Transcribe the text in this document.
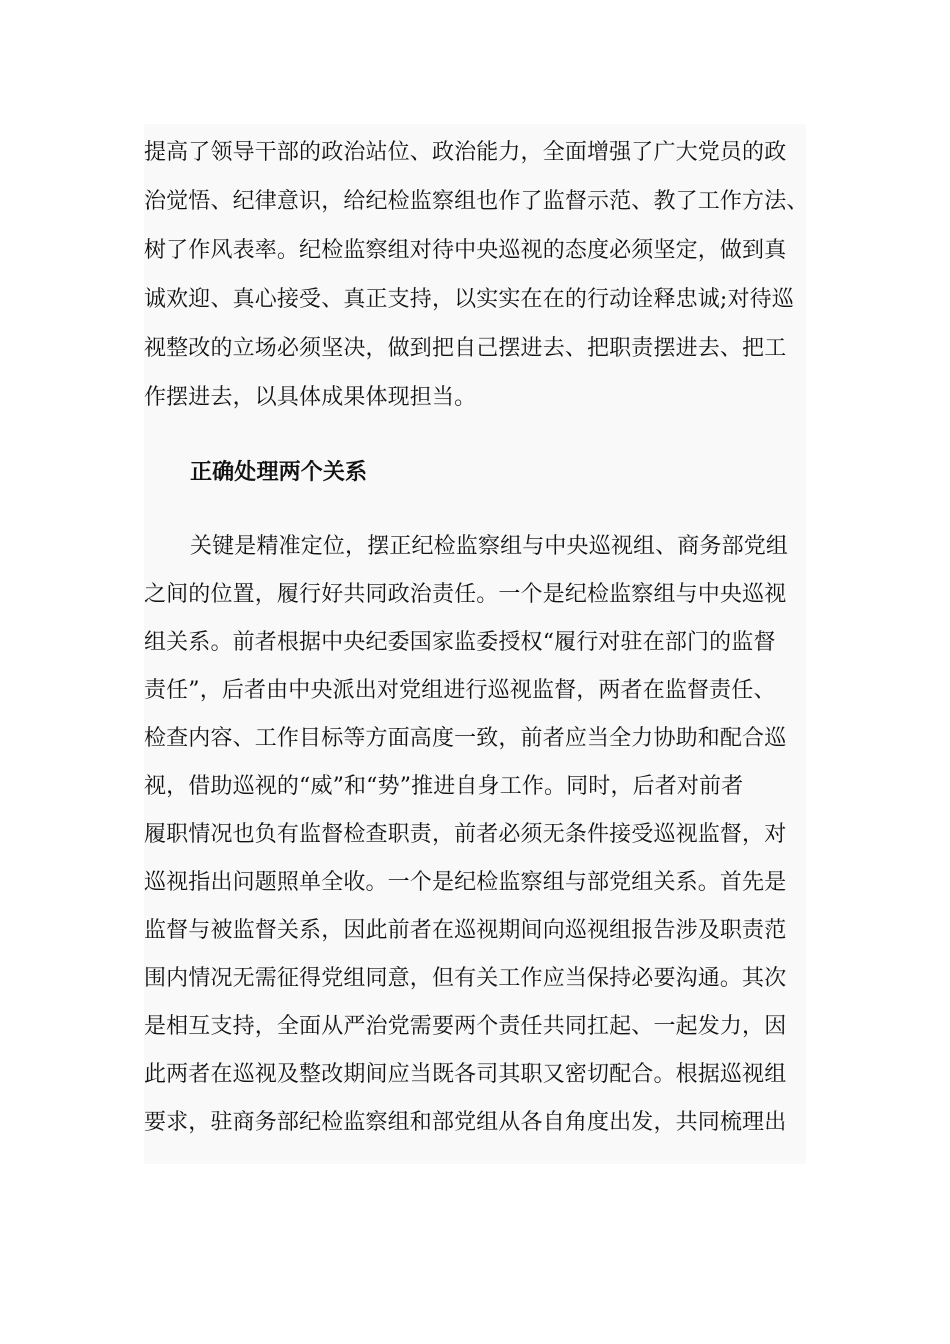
提高了领导干部的政治站位、政治能力，全面增强了广大党员的政
治觉悟、纪律意识，给纪检监察组也作了监督示范、教了工作方法、
树了作风表率。纪检监察组对待中央巡视的态度必须坚定，做到真
诚欢迎、真心接受、真正支持，以实实在在的行动诠释忠诚;对待巡
视整改的立场必须坚决，做到把自己摆进去、把职责摆进去、把工
作摆进去，以具体成果体现担当。
正确处理两个关系
关键是精准定位，摆正纪检监察组与中央巡视组、商务部党组
之间的位置，履行好共同政治责任。一个是纪检监察组与中央巡视
组关系。前者根据中央纪委国家监委授权“履行对驻在部门的监督
责任”，后者由中央派出对党组进行巡视监督，两者在监督责任、
检查内容、工作目标等方面高度一致，前者应当全力协助和配合巡
视，借助巡视的“威”和“势”推进自身工作。同时，后者对前者
履职情况也负有监督检查职责，前者必须无条件接受巡视监督，对
巡视指出问题照单全收。一个是纪检监察组与部党组关系。首先是
监督与被监督关系，因此前者在巡视期间向巡视组报告涉及职责范
围内情况无需征得党组同意，但有关工作应当保持必要沟通。其次
是相互支持，全面从严治党需要两个责任共同扛起、一起发力，因
此两者在巡视及整改期间应当既各司其职又密切配合。根据巡视组
要求，驻商务部纪检监察组和部党组从各自角度出发，共同梳理出
